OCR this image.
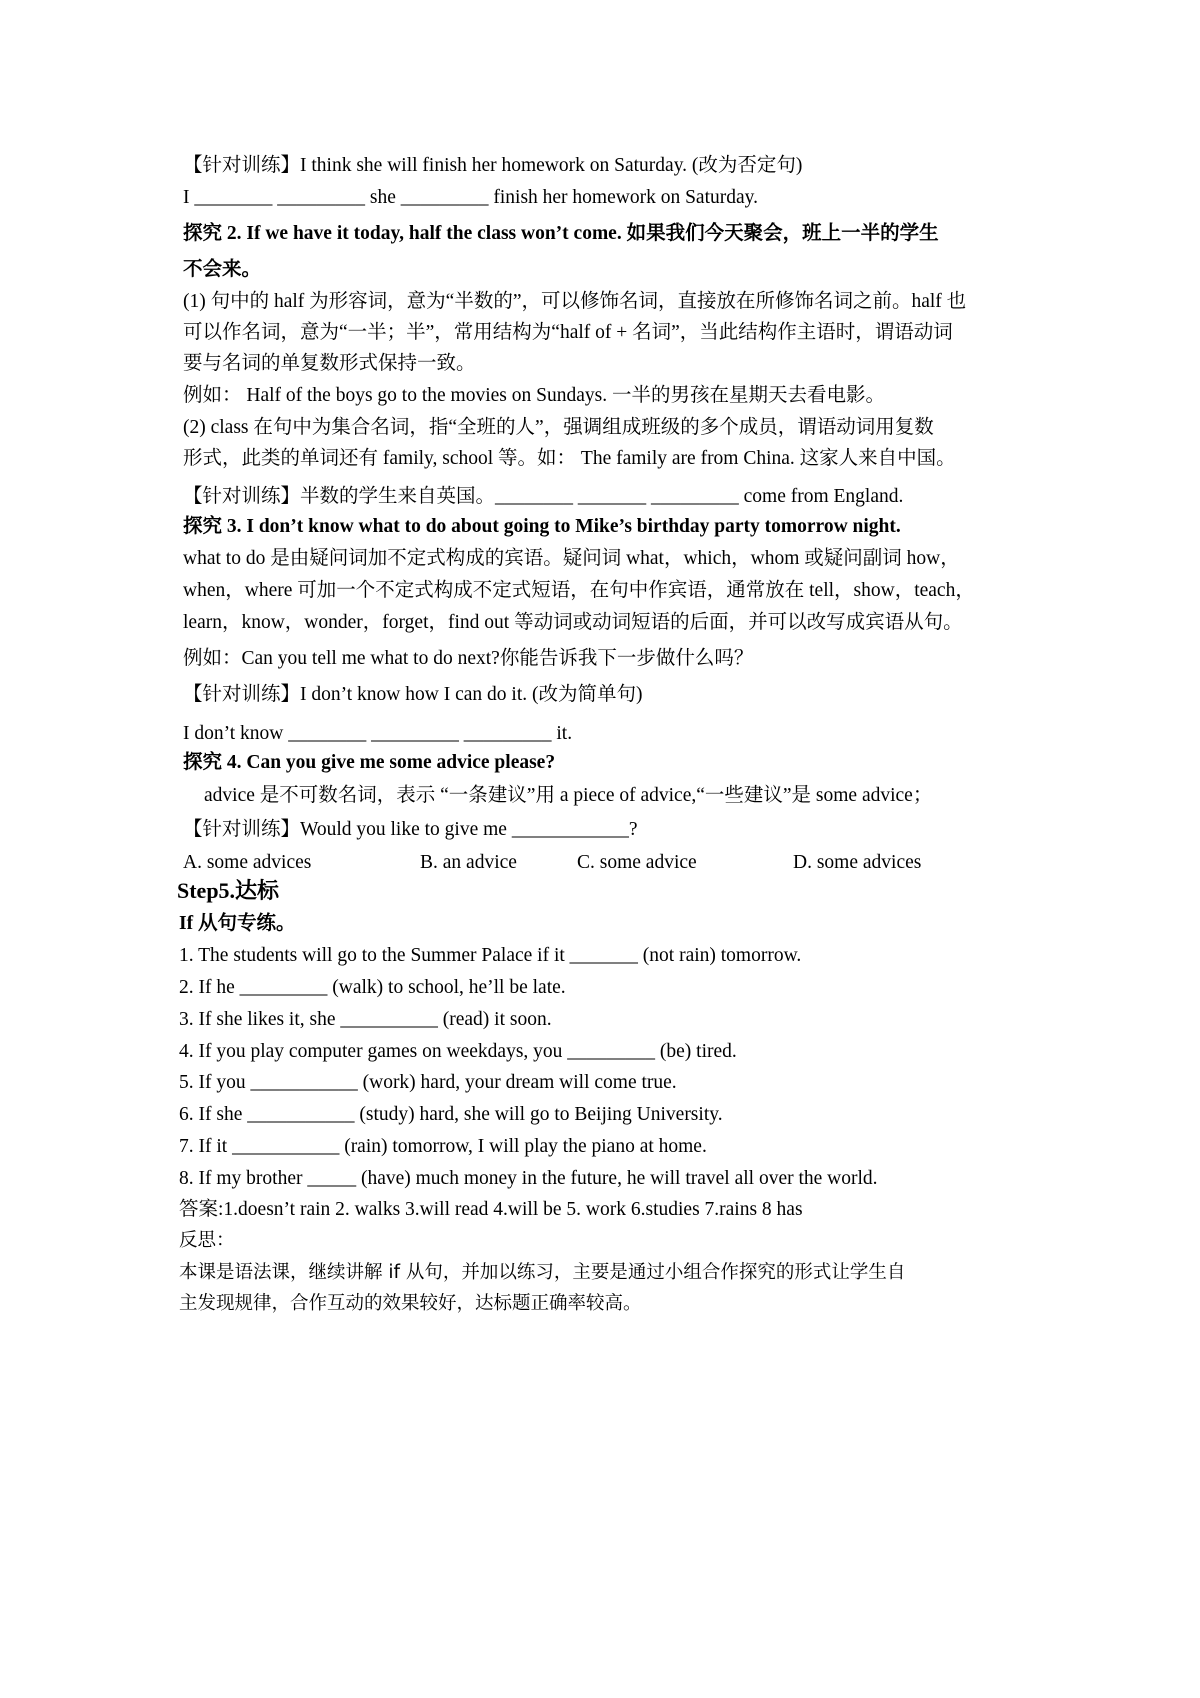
【针对训练】I think she will finish her homework on Saturday. (改为否定句)
I ________ _________ she _________ finish her homework on Saturday.
探究 2. If we have it today, half the class won’t come. 如果我们今天聚会，班上一半的学生
不会来。
(1) 句中的 half 为形容词，意为“半数的”，可以修饰名词，直接放在所修饰名词之前。half 也
可以作名词，意为“一半；半”，常用结构为“half of + 名词”，当此结构作主语时，谓语动词
要与名词的单复数形式保持一致。
例如： Half of the boys go to the movies on Sundays. 一半的男孩在星期天去看电影。
(2) class 在句中为集合名词，指“全班的人”，强调组成班级的多个成员，谓语动词用复数
形式，此类的单词还有 family, school 等。如： The family are from China. 这家人来自中国。
【针对训练】半数的学生来自英国。________ _______ _________ come from England.
探究 3. I don’t know what to do about going to Mike’s birthday party tomorrow night.
what to do 是由疑问词加不定式构成的宾语。疑问词 what，which，whom 或疑问副词 how，
when，where 可加一个不定式构成不定式短语，在句中作宾语，通常放在 tell，show，teach，
learn，know，wonder，forget，find out 等动词或动词短语的后面，并可以改写成宾语从句。
例如：Can you tell me what to do next?你能告诉我下一步做什么吗？
【针对训练】I don’t know how I can do it. (改为简单句)
I don’t know ________ _________ _________ it.
探究 4. Can you give me some advice please?
advice 是不可数名词，表示 “一条建议”用 a piece of advice,“一些建议”是 some advice；
【针对训练】Would you like to give me ____________?
A. some advices	B. an advice	C. some advice	D. some advices
Step5.达标
If 从句专练。
1. The students will go to the Summer Palace if it _______ (not rain) tomorrow.
2. If he _________ (walk) to school, he’ll be late.
3. If she likes it, she __________ (read) it soon.
4. If you play computer games on weekdays, you _________ (be) tired.
5. If you ___________ (work) hard, your dream will come true.
6. If she ___________ (study) hard, she will go to Beijing University.
7. If it ___________ (rain) tomorrow, I will play the piano at home.
8. If my brother _____ (have) much money in the future, he will travel all over the world.
答案:1.doesn’t rain 2. walks 3.will read 4.will be 5. work 6.studies 7.rains 8 has
反思：
本课是语法课，继续讲解 if 从句，并加以练习，主要是通过小组合作探究的形式让学生自
主发现规律，合作互动的效果较好，达标题正确率较高。
